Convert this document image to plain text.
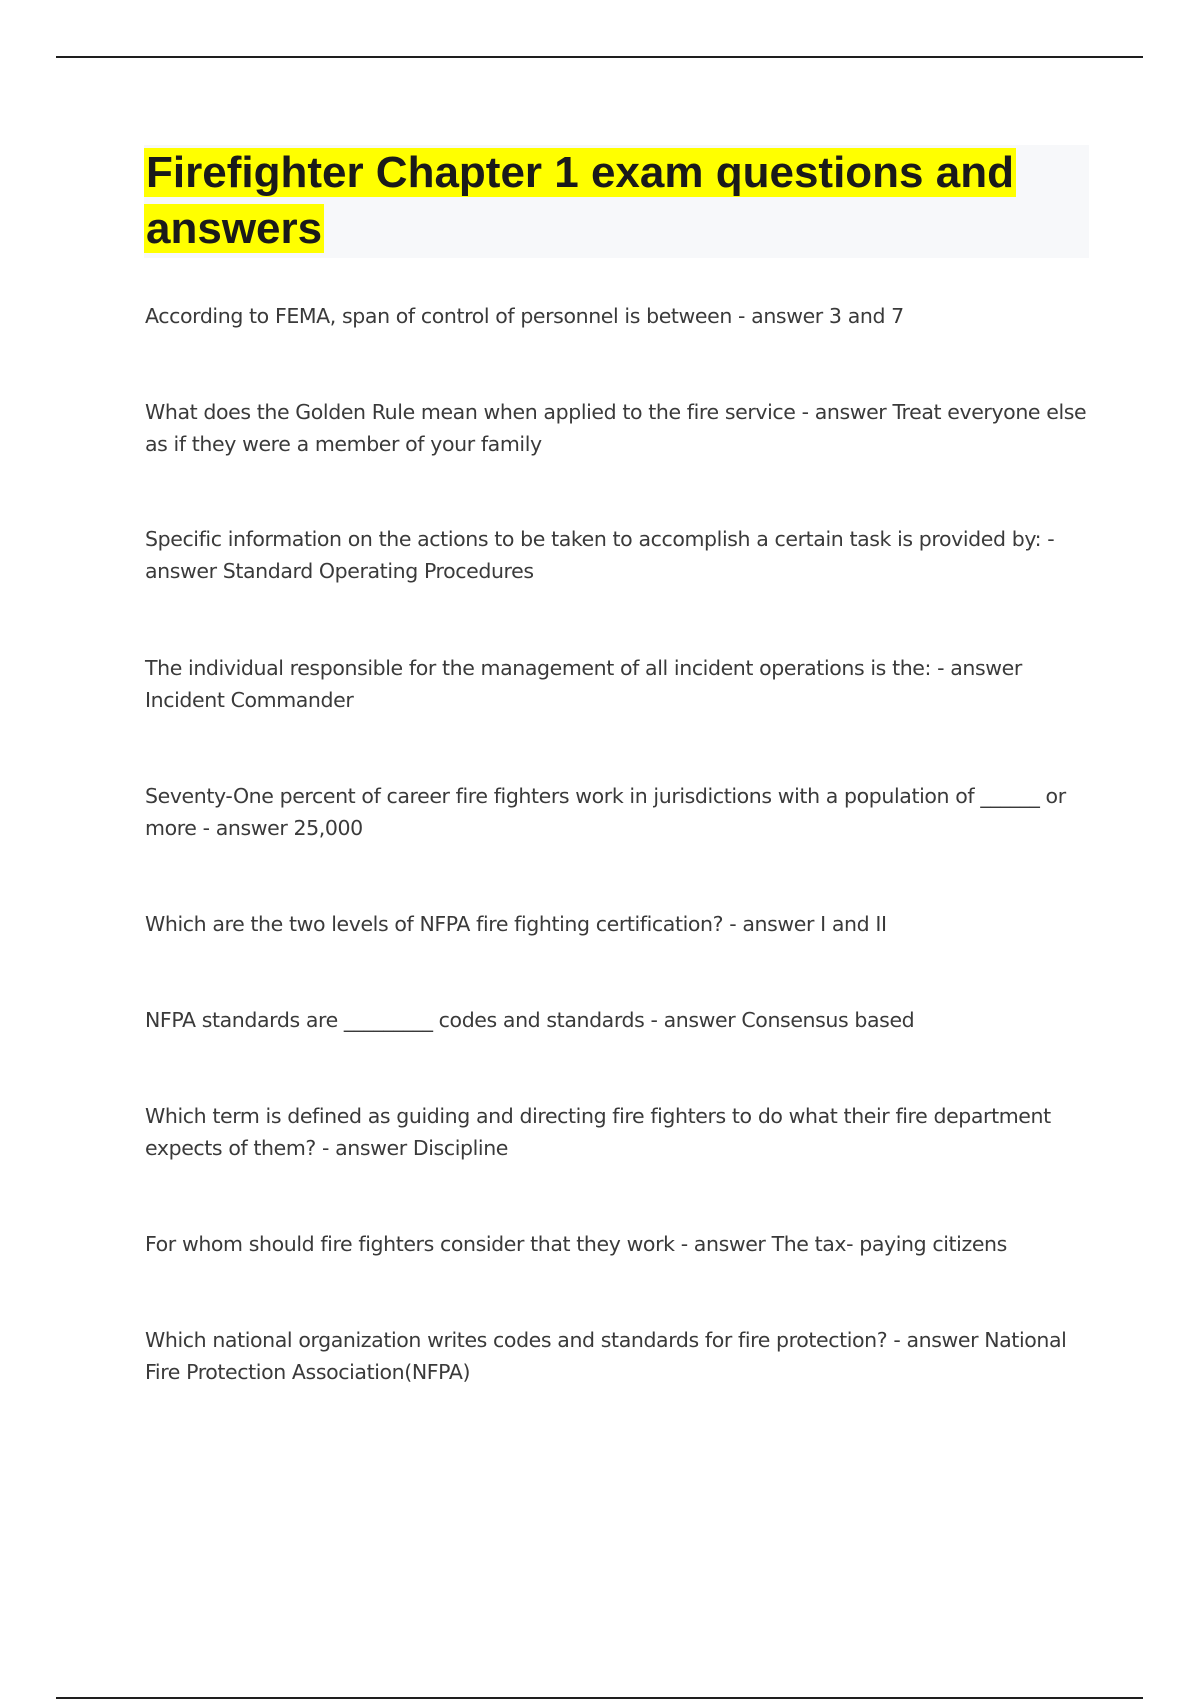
Firefighter Chapter 1 exam questions and answers

According to FEMA, span of control of personnel is between - answer 3 and 7

What does the Golden Rule mean when applied to the fire service - answer Treat everyone else as if they were a member of your family

Specific information on the actions to be taken to accomplish a certain task is provided by: - answer Standard Operating Procedures

The individual responsible for the management of all incident operations is the: - answer Incident Commander

Seventy-One percent of career fire fighters work in jurisdictions with a population of ______ or more - answer 25,000

Which are the two levels of NFPA fire fighting certification? - answer I and II

NFPA standards are _________ codes and standards - answer Consensus based

Which term is defined as guiding and directing fire fighters to do what their fire department expects of them? - answer Discipline

For whom should fire fighters consider that they work - answer The tax- paying citizens

Which national organization writes codes and standards for fire protection? - answer National Fire Protection Association(NFPA)
